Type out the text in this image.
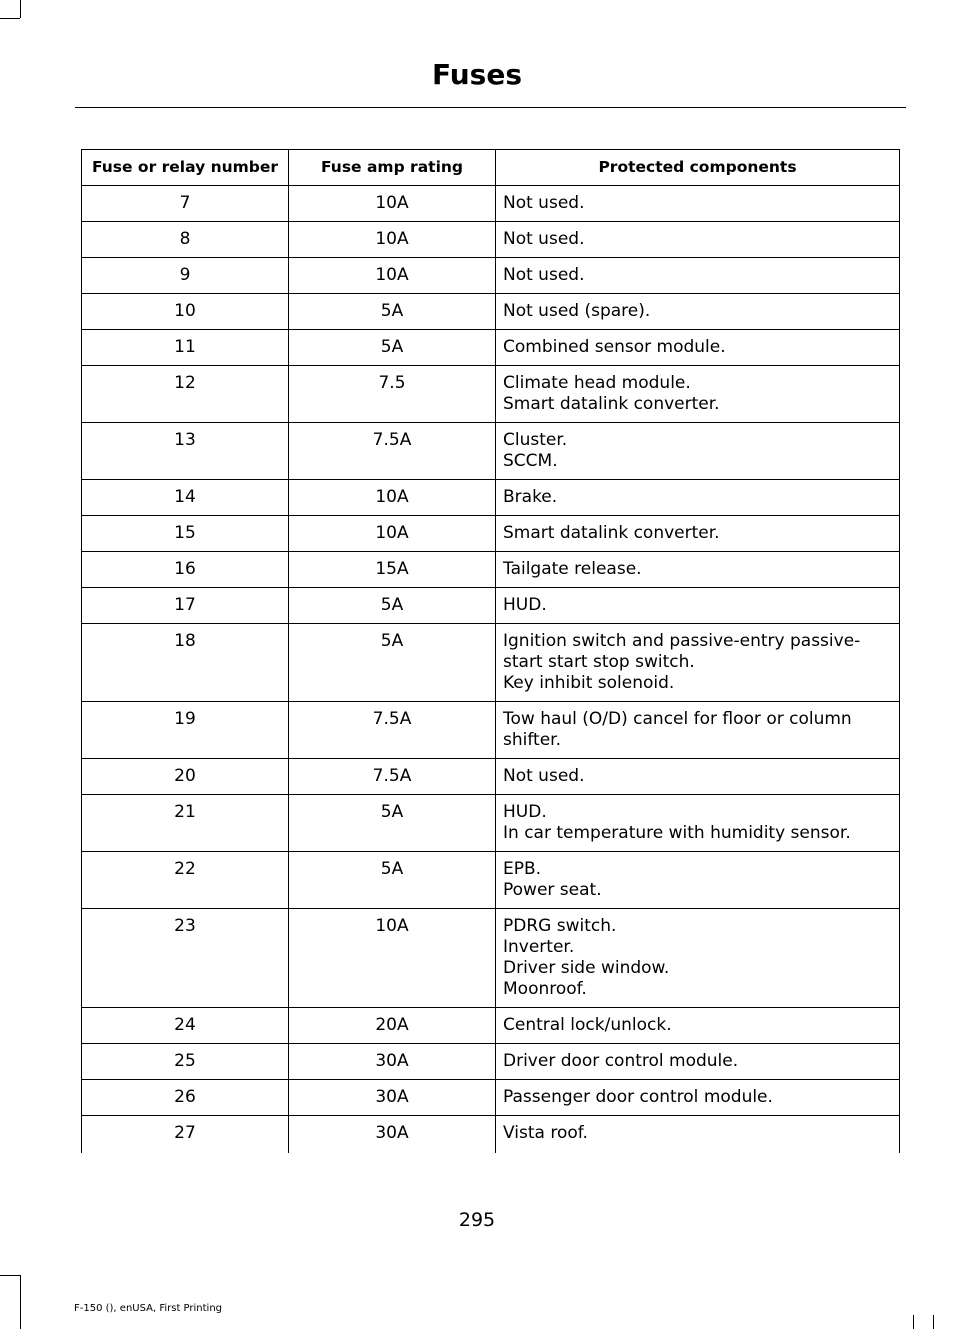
Fuses
Fuse or relay number	Fuse amp rating	Protected components
7	10A	Not used.

8	10A	Not used.

9	10A	Not used.

10	5A	Not used (spare).

11	5A	Combined sensor module.

12	7.5	Climate head module.
Smart datalink converter.

13	7.5A	Cluster.
SCCM.

14	10A	Brake.

15	10A	Smart datalink converter.

16	15A	Tailgate release.

17	5A	HUD.

18	5A	Ignition switch and passive-entry passive-start start stop switch.
Key inhibit solenoid.

19	7.5A	Tow haul (O/D) cancel for floor or column shifter.

20	7.5A	Not used.

21	5A	HUD.
In car temperature with humidity sensor.

22	5A	EPB.
Power seat.

23	10A	PDRG switch.
Inverter.
Driver side window.
Moonroof.

24	20A	Central lock/unlock.

25	30A	Driver door control module.

26	30A	Passenger door control module.

27	30A	Vista roof.
295
F-150 (), enUSA, First Printing
